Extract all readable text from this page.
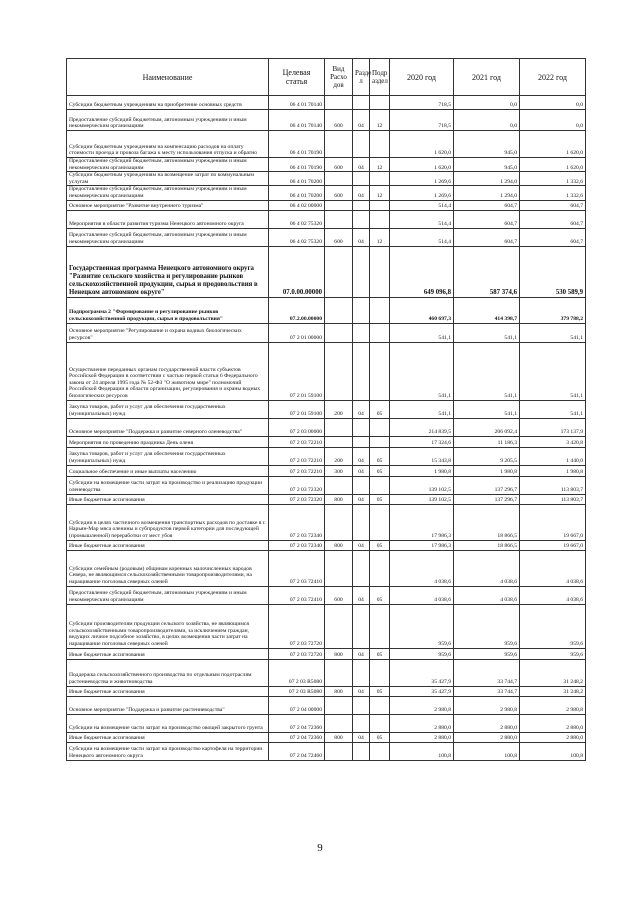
Наименование	Целевая статья	Вид Расхо дов	Разде л	Подр аздел	2020 год	2021 год	2022 год
Субсидии бюджетным учреждениям на приобретение основных средств	06 4 01 70140				718,5	0,0	0,0
Предоставление субсидий бюджетным, автономным учреждениям и иным некоммерческим организациям	06 4 01 70140	600	04	12	718,5	0,0	0,0
Субсидии бюджетным учреждениям на компенсацию расходов на оплату стоимости проезда и провоза багажа к месту использования отпуска и обратно	06 4 01 70190				1 620,0	945,0	1 620,0
Предоставление субсидий бюджетным, автономным учреждениям и иным некоммерческим организациям	06 4 01 70190	600	04	12	1 620,0	945,0	1 620,0
Субсидии бюджетным учреждениям на возмещение затрат по коммунальным услугам	06 4 01 70200				1 269,6	1 294,0	1 332,6
Предоставление субсидий бюджетным, автономным учреждениям и иным некоммерческим организациям	06 4 01 70200	600	04	12	1 269,6	1 294,0	1 332,6
Основное мероприятие "Развитие внутреннего туризма"	06 4 02 00000				514,4	604,7	604,7
Мероприятия в области развития туризма Ненецкого автономного округа	06 4 02 75320				514,4	604,7	604,7
Предоставление субсидий бюджетным, автономным учреждениям и иным некоммерческим организациям	06 4 02 75320	600	04	12	514,4	604,7	604,7
Государственная программа Ненецкого автономного округа "Развитие сельского хозяйства и регулирование рынков сельскохозяйственной продукции, сырья и продовольствия в Ненецком автономном округе"	07.0.00.00000				649 096,8	587 374,6	530 589,9
Подпрограмма 2 "Формирование и регулирование рынков сельскохозяйственной продукции, сырья и продовольствия"	07.2.00.00000				460 697,3	414 398,7	379 788,2
Основное мероприятие "Регулирование и охрана водных биологических ресурсов"	07 2 01 00000				541,1	541,1	541,1
Осуществление переданных органам государственной власти субъектов Российской Федерации в соответствии с частью первой статьи 6 Федерального закона от 24 апреля 1995 года № 52-ФЗ "О животном мире" полномочий Российской Федерации в области организации, регулирования и охраны водных биологических ресурсов	07 2 01 59100				541,1	541,1	541,1
Закупка товаров, работ и услуг для обеспечения государственных (муниципальных) нужд	07 2 01 59100	200	04	05	541,1	541,1	541,1
Основное мероприятие "Поддержка и развитие северного оленеводства"	07 2 03 00000				214 839,5	206 092,4	173 137,9
Мероприятия по проведению праздника День оленя	07 2 03 72210				17 324,6	11 186,3	3 420,8
Закупка товаров, работ и услуг для обеспечения государственных (муниципальных) нужд	07 2 03 72210	200	04	05	15 343,8	9 205,5	1 440,0
Социальное обеспечение и иные выплаты населению	07 2 03 72210	300	04	05	1 980,8	1 980,8	1 980,8
Субсидии на возмещение части затрат на производство и реализацию продукции оленеводства	07 2 03 72320				139 102,5	137 296,7	113 803,7
Иные бюджетные ассигнования	07 2 03 72320	800	04	05	139 102,5	137 296,7	113 803,7
Субсидии в целях частичного возмещения транспортных расходов по доставке в г. Нарьян-Мар мяса оленины и субпродуктов первой категории для последующей (промышленной) переработки от мест убоя	07 2 03 72340				17 986,3	18 866,5	19 667,0
Иные бюджетные ассигнования	07 2 03 72340	800	04	05	17 986,3	18 866,5	19 667,0
Субсидии семейным (родовым) общинам коренных малочисленных народов Севера, не являющимся сельскохозяйственными товаропроизводителями, на наращивание поголовья северных оленей	07 2 03 72410				4 038,6	4 038,6	4 038,6
Предоставление субсидий бюджетным, автономным учреждениям и иным некоммерческим организациям	07 2 03 72410	600	04	05	4 038,6	4 038,6	4 038,6
Субсидии производителям продукции сельского хозяйства, не являющимся сельскохозяйственными товаропроизводителями, за исключением граждан, ведущих личное подсобное хозяйство, в целях возмещения части затрат на наращивание поголовья северных оленей	07 2 03 72720				959,6	959,6	959,6
Иные бюджетные ассигнования	07 2 03 72720	800	04	05	959,6	959,6	959,6
Поддержка сельскохозяйственного производства по отдельным подотраслям растениеводства и животноводства	07 2 03 R5080				35 427,9	33 744,7	31 248,2
Иные бюджетные ассигнования	07 2 03 R5080	800	04	05	35 427,9	33 744,7	31 248,2
Основное мероприятие "Поддержка и развитие растениеводства"	07 2 04 00000				2 980,8	2 980,8	2 980,8
Субсидии на возмещение части затрат на производство овощей закрытого грунта	07 2 04 72360				2 880,0	2 880,0	2 880,0
Иные бюджетные ассигнования	07 2 04 72360	800	04	05	2 880,0	2 880,0	2 880,0
Субсидии на возмещение части затрат на производство картофеля на территории Ненецкого автономного округа	07 2 04 72460				100,8	100,8	100,8
9
